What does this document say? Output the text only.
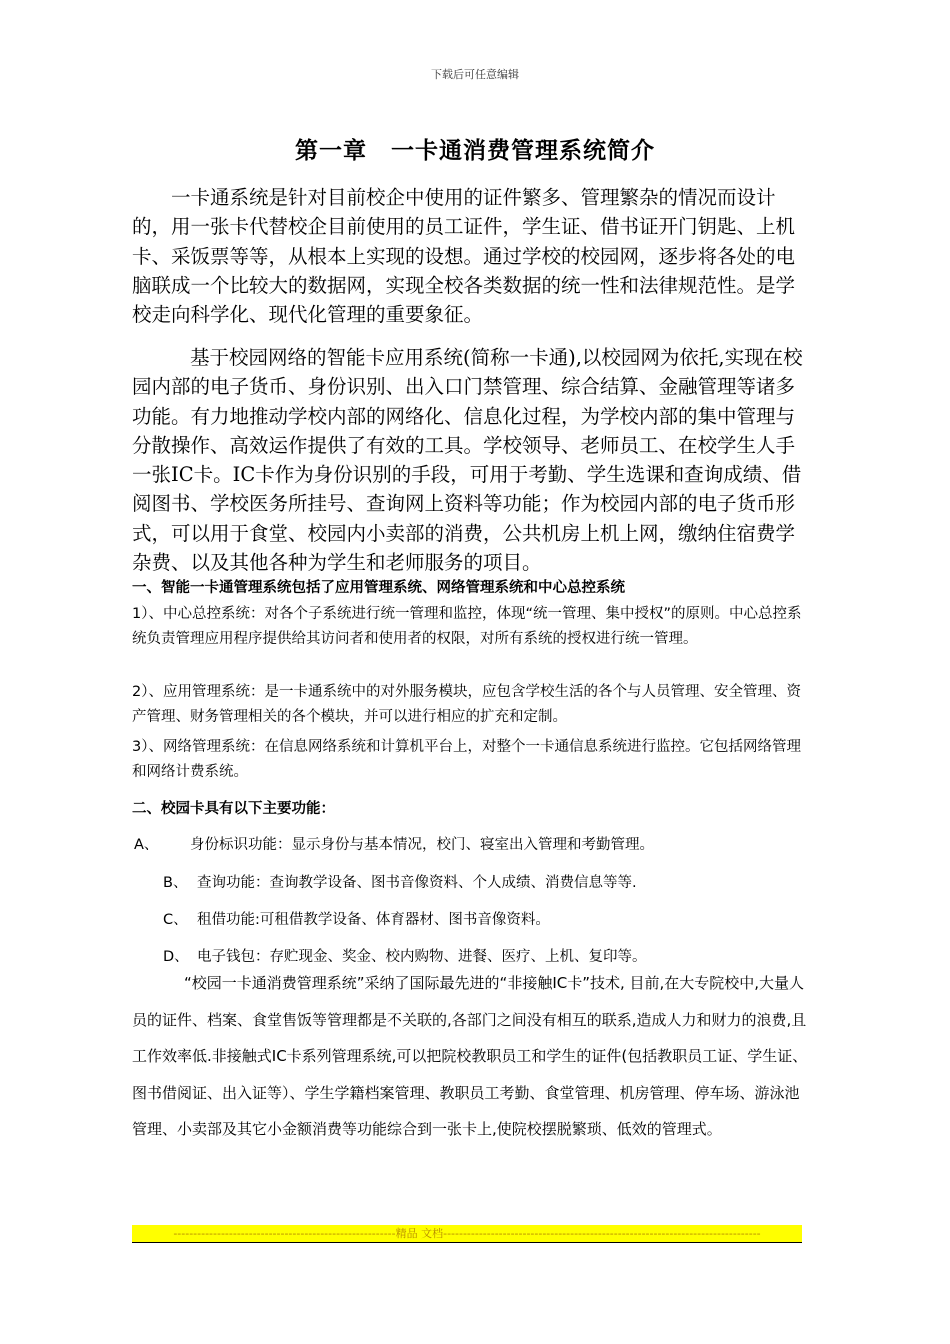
下载后可任意编辑
第一章　一卡通消费管理系统简介

一卡通系统是针对目前校企中使用的证件繁多、管理繁杂的情况而设计的，用一张卡代替校企目前使用的员工证件，学生证、借书证开门钥匙、上机卡、采饭票等等，从根本上实现的设想。通过学校的校园网，逐步将各处的电脑联成一个比较大的数据网，实现全校各类数据的统一性和法律规范性。是学校走向科学化、现代化管理的重要象征。

基于校园网络的智能卡应用系统(简称一卡通),以校园网为依托,实现在校园内部的电子货币、身份识别、出入口门禁管理、综合结算、金融管理等诸多功能。有力地推动学校内部的网络化、信息化过程，为学校内部的集中管理与分散操作、高效运作提供了有效的工具。学校领导、老师员工、在校学生人手一张IC卡。IC卡作为身份识别的手段，可用于考勤、学生选课和查询成绩、借阅图书、学校医务所挂号、查询网上资料等功能；作为校园内部的电子货币形式，可以用于食堂、校园内小卖部的消费，公共机房上机上网，缴纳住宿费学杂费、以及其他各种为学生和老师服务的项目。

一、智能一卡通管理系统包括了应用管理系统、网络管理系统和中心总控系统

1）、中心总控系统：对各个子系统进行统一管理和监控，体现“统一管理、集中授权”的原则。中心总控系统负责管理应用程序提供给其访问者和使用者的权限，对所有系统的授权进行统一管理。

2）、应用管理系统：是一卡通系统中的对外服务模块，应包含学校生活的各个与人员管理、安全管理、资产管理、财务管理相关的各个模块，并可以进行相应的扩充和定制。

3）、网络管理系统：在信息网络系统和计算机平台上，对整个一卡通信息系统进行监控。它包括网络管理和网络计费系统。

二、校园卡具有以下主要功能：

A、 身份标识功能：显示身份与基本情况，校门、寝室出入管理和考勤管理。

B、 查询功能：查询教学设备、图书音像资料、个人成绩、消费信息等等.

C、 租借功能:可租借教学设备、体育器材、图书音像资料。

D、 电子钱包：存贮现金、奖金、校内购物、进餐、医疗、上机、复印等。

“校园一卡通消费管理系统”采纳了国际最先进的“非接触IC卡”技术, 目前,在大专院校中,大量人员的证件、档案、食堂售饭等管理都是不关联的,各部门之间没有相互的联系,造成人力和财力的浪费,且工作效率低.非接触式IC卡系列管理系统,可以把院校教职员工和学生的证件(包括教职员工证、学生证、图书借阅证、出入证等）、学生学籍档案管理、教职员工考勤、食堂管理、机房管理、停车场、游泳池管理、小卖部及其它小金额消费等功能综合到一张卡上,使院校摆脱繁琐、低效的管理式。

--------------------------------------------------------精品 文档--------------------------------------------------------------------------------
